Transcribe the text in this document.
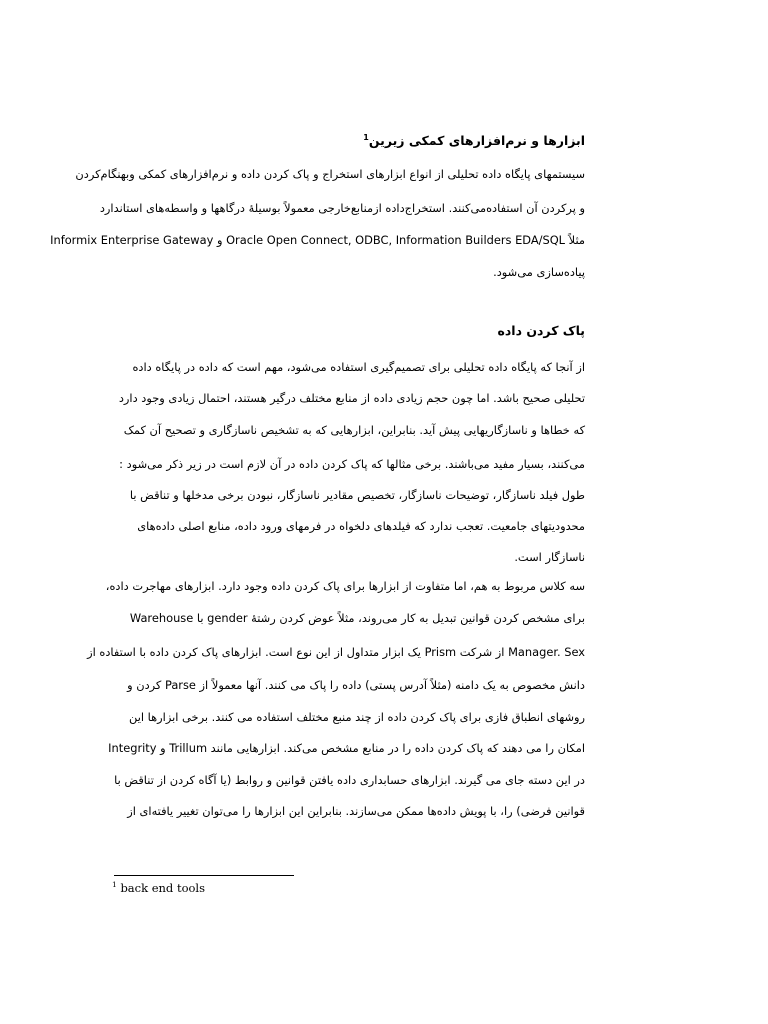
ابزارها و نرم‌افزارهای کمکی زیرین$^1$
سیستمهای پایگاه داده تحلیلی از انواع ابزارهای استخراج و پاک کردن داده و نرم‌افزارهای کمکی وبهنگام‌کردن
و پرکردن آن استفاده‌می‌کنند. استخراج‌داده ازمنابع‌خارجی معمولاً بوسیلهٔ درگاهها و واسطه‌های استاندارد
مثلاً Oracle Open Connect, ODBC, Information Builders EDA/SQL و Informix Enterprise Gateway
پیاده‌سازی می‌شود.
پاک کردن داده
از آنجا که پایگاه داده تحلیلی برای تصمیم‌گیری استفاده می‌شود، مهم است که داده در پایگاه داده
تحلیلی صحیح باشد. اما چون حجم زیادی داده از منابع مختلف درگیر هستند، احتمال زیادی وجود دارد
که خطاها و ناسازگاریهایی پیش آید. بنابراین، ابزارهایی که به تشخیص ناسازگاری و تصحیح آن کمک
می‌کنند، بسیار مفید می‌باشند. برخی مثالها که پاک کردن داده در آن لازم است در زیر ذکر می‌شود :
طول فیلد ناسازگار، توضیحات ناسازگار، تخصیص مقادیر ناسازگار، نبودن برخی مدخلها و تناقض با
محدودیتهای جامعیت. تعجب ندارد که فیلدهای دلخواه در فرمهای ورود داده، منابع اصلی داده‌های
ناسازگار است.
سه کلاس مربوط به هم، اما متفاوت از ابزارها برای پاک کردن داده وجود دارد. ابزارهای مهاجرت داده،
برای مشخص کردن قوانین تبدیل به کار می‌روند، مثلاً عوض کردن رشتهٔ gender با Warehouse
Manager. Sex از شرکت Prism یک ابزار متداول از این نوع است. ابزارهای پاک کردن داده با استفاده از
دانش مخصوص به یک دامنه (مثلاً آدرس پستی) داده را پاک می کنند. آنها معمولاً از Parse کردن و
روشهای انطباق فازی برای پاک کردن داده از چند منبع مختلف استفاده می کنند. برخی ابزارها این
امکان را می دهند که پاک کردن داده را در منابع مشخص می‌کند. ابزارهایی مانند Trillum و Integrity
در این دسته جای می گیرند. ابزارهای حسابداری داده یافتن قوانین و روابط (یا آگاه کردن از تناقض با
قوانین فرضی) را، با پویش داده‌ها ممکن می‌سازند. بنابراین این ابزارها را می‌توان تغییر یافته‌ای از
$^1$ back end tools
